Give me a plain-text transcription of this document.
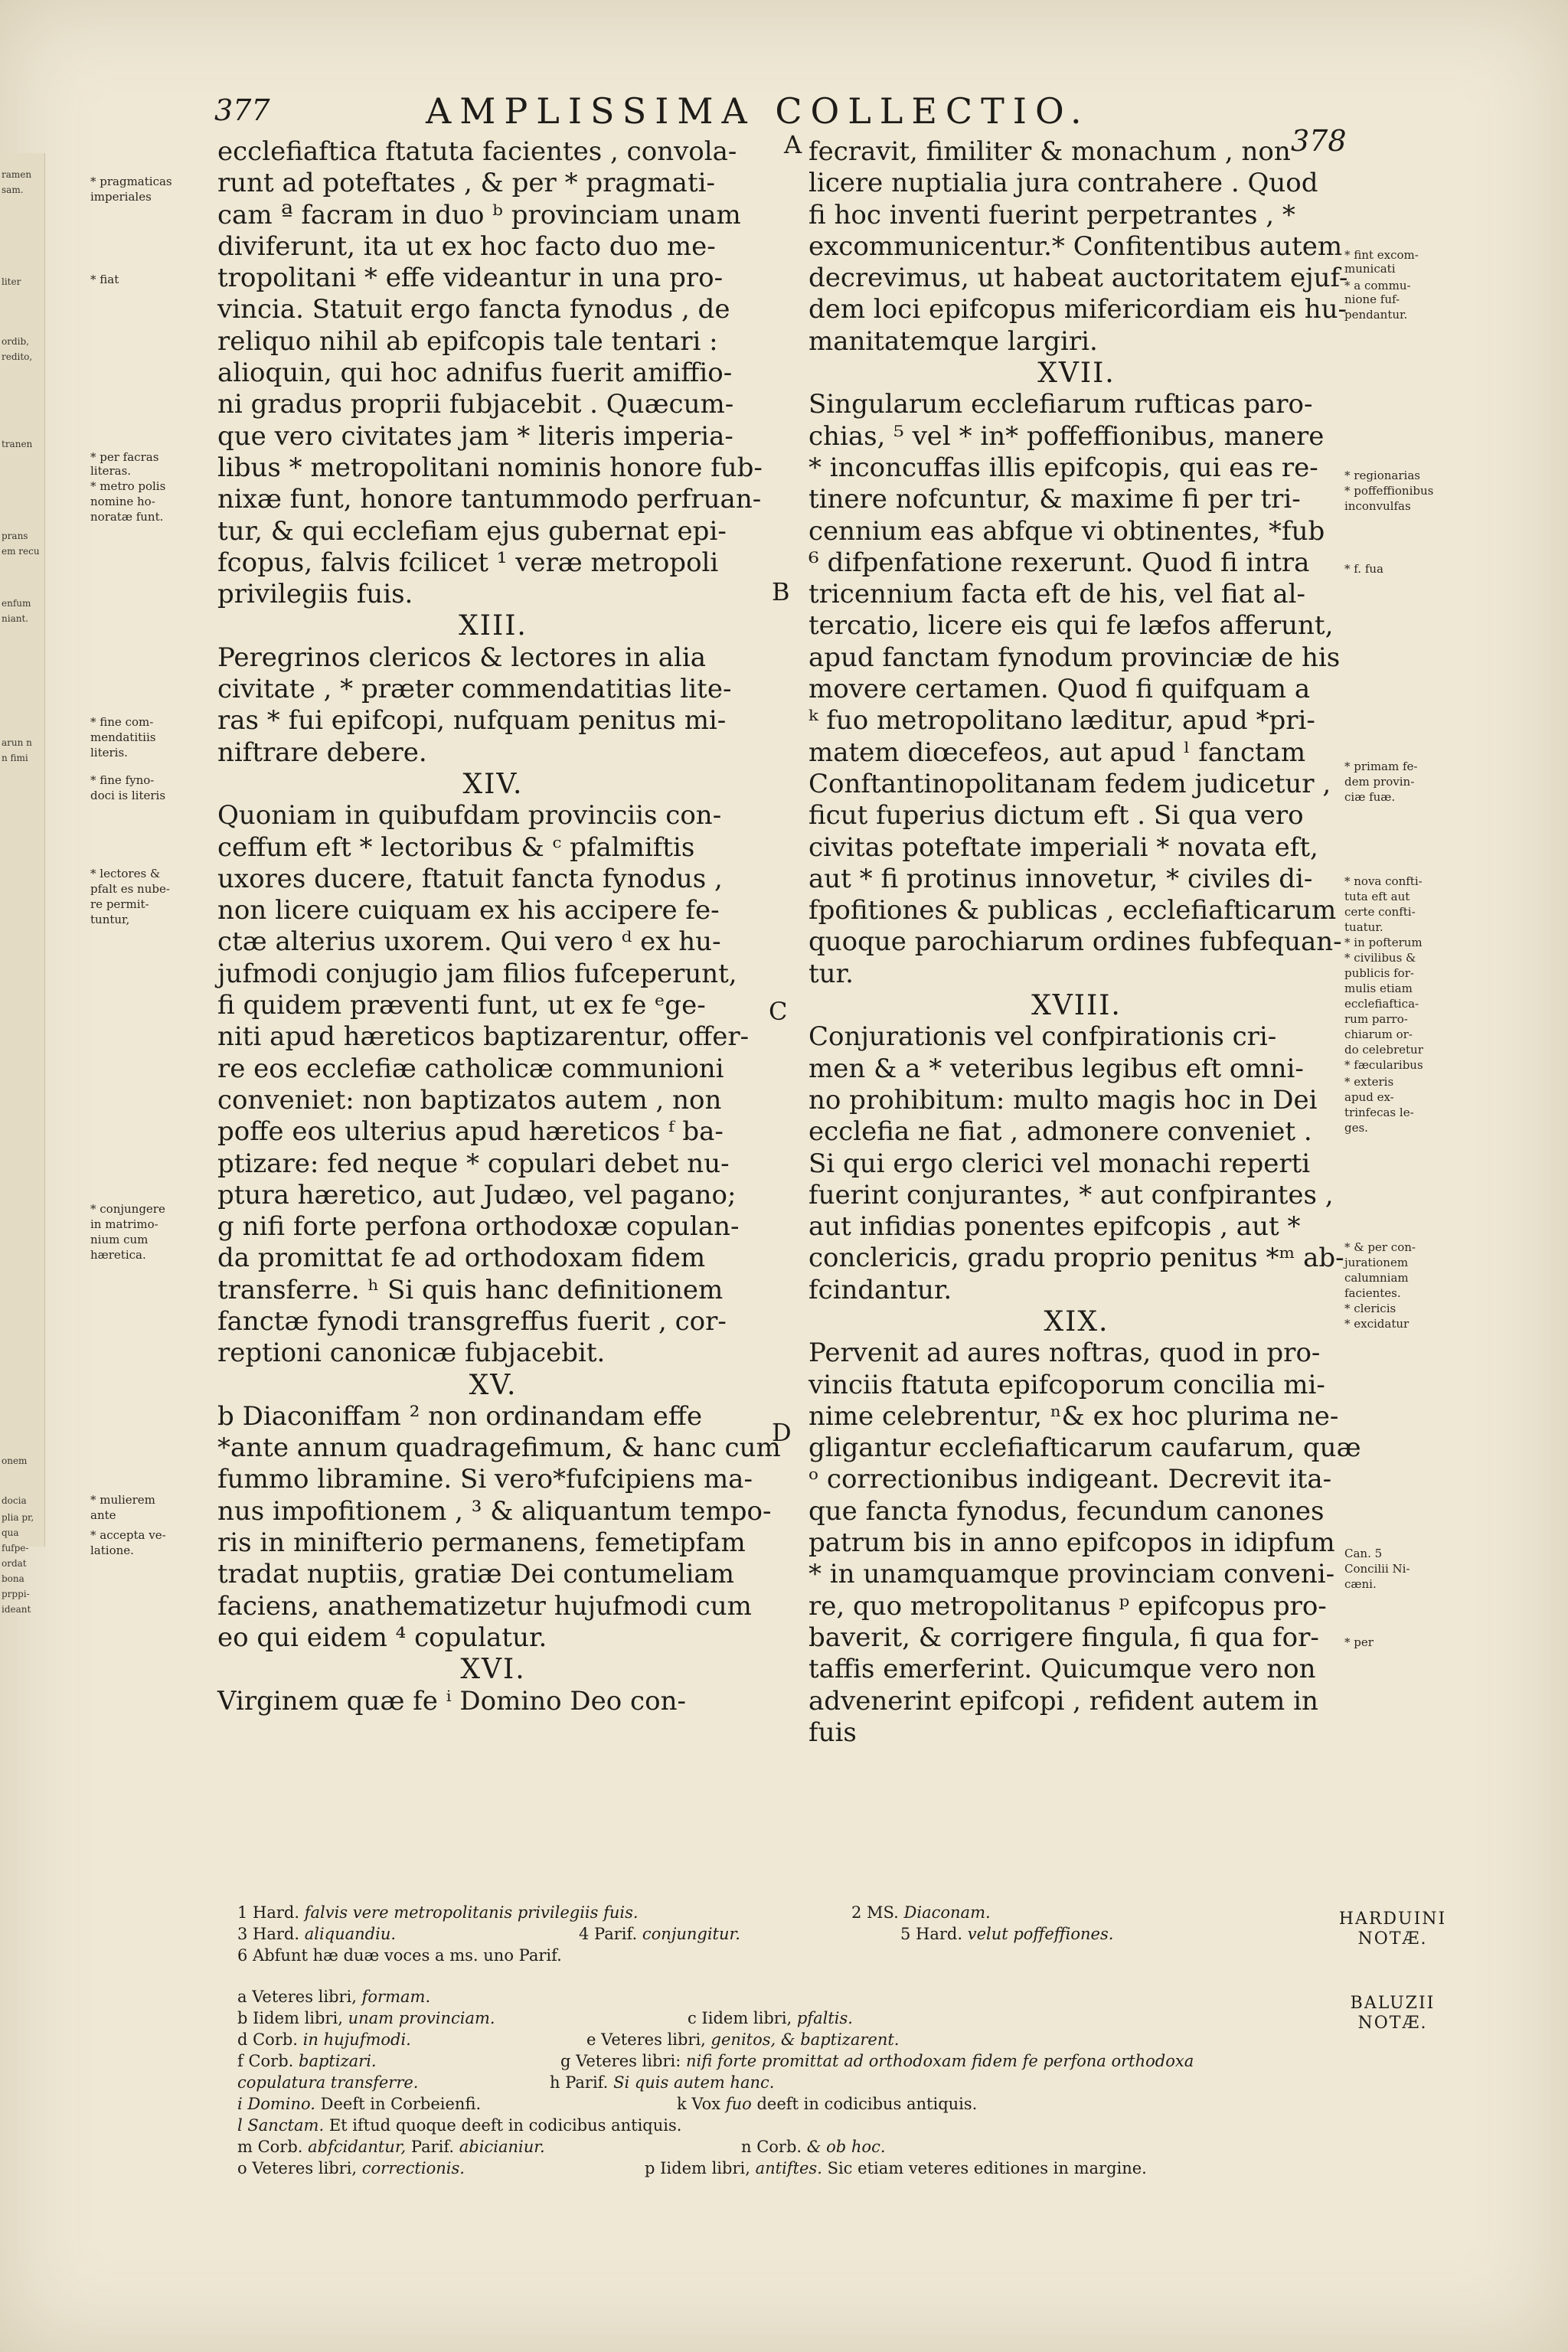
ramen
sam.
liter
ordib,
redito,
tranen
prans
em recu
enfum
niant.
arun n
n fimi
onem
docia
plia pr,
qua
fufpe-
ordat
bona
prppi-
ideant
377	AMPLISSIMA COLLECTIO.
378
ecclefiaftica ftatuta facientes , convola-
runt ad poteftates , & per * pragmati-
cam ª facram in duo ᵇ provinciam unam
diviferunt, ita ut ex hoc facto duo me-
tropolitani * effe videantur in una pro-
vincia. Statuit ergo fancta fynodus , de
reliquo nihil ab epifcopis tale tentari :
alioquin, qui hoc adnifus fuerit amiffio-
ni gradus proprii fubjacebit . Quæcum-
que vero civitates jam * literis imperia-
libus * metropolitani nominis honore fub-
nixæ funt, honore tantummodo perfruan-
tur, & qui ecclefiam ejus gubernat epi-
fcopus, falvis fcilicet ¹ veræ metropoli
privilegiis fuis.
XIII.
Peregrinos clericos & lectores in alia
civitate , * præter commendatitias lite-
ras * fui epifcopi, nufquam penitus mi-
niftrare debere.
XIV.
Quoniam in quibufdam provinciis con-
ceffum eft * lectoribus & ᶜ pfalmiftis
uxores ducere, ftatuit fancta fynodus ,
non licere cuiquam ex his accipere fe-
ctæ alterius uxorem. Qui vero ᵈ ex hu-
jufmodi conjugio jam filios fufceperunt,
fi quidem præventi funt, ut ex fe ᵉge-
niti apud hæreticos baptizarentur, offer-
re eos ecclefiæ catholicæ communioni
conveniet: non baptizatos autem , non
poffe eos ulterius apud hæreticos ᶠ ba-
ptizare: fed neque * copulari debet nu-
ptura hæretico, aut Judæo, vel pagano;
g nifi forte perfona orthodoxæ copulan-
da promittat fe ad orthodoxam fidem
transferre. ʰ Si quis hanc definitionem
fanctæ fynodi transgreffus fuerit , cor-
reptioni canonicæ fubjacebit.
XV.
b Diaconiffam ² non ordinandam effe
*ante annum quadragefimum, & hanc cum
fummo libramine. Si vero*fufcipiens ma-
nus impofitionem , ³ & aliquantum tempo-
ris in minifterio permanens, femetipfam
tradat nuptiis, gratiæ Dei contumeliam
faciens, anathematizetur hujufmodi cum
eo qui eidem ⁴ copulatur.
XVI.
Virginem quæ fe ⁱ Domino Deo con-
fecravit, fimiliter & monachum , non
licere nuptialia jura contrahere . Quod
fi hoc inventi fuerint perpetrantes , *
excommunicentur.* Confitentibus autem
decrevimus, ut habeat auctoritatem ejuf-
dem loci epifcopus mifericordiam eis hu-
manitatemque largiri.
XVII.
Singularum ecclefiarum rufticas paro-
chias, ⁵ vel * in* poffeffionibus, manere
* inconcuffas illis epifcopis, qui eas re-
tinere nofcuntur, & maxime fi per tri-
cennium eas abfque vi obtinentes, *fub
⁶ difpenfatione rexerunt. Quod fi intra
tricennium facta eft de his, vel fiat al-
tercatio, licere eis qui fe læfos afferunt,
apud fanctam fynodum provinciæ de his
movere certamen. Quod fi quifquam a
ᵏ fuo metropolitano læditur, apud *pri-
matem diœcefeos, aut apud ˡ fanctam
Conftantinopolitanam fedem judicetur ,
ficut fuperius dictum eft . Si qua vero
civitas poteftate imperiali * novata eft,
aut * fi protinus innovetur, * civiles di-
fpofitiones & publicas , ecclefiafticarum
quoque parochiarum ordines fubfequan-
tur.
XVIII.
Conjurationis vel confpirationis cri-
men & a * veteribus legibus eft omni-
no prohibitum: multo magis hoc in Dei
ecclefia ne fiat , admonere conveniet .
Si qui ergo clerici vel monachi reperti
fuerint conjurantes, * aut confpirantes ,
aut infidias ponentes epifcopis , aut *
conclericis, gradu proprio penitus *ᵐ ab-
fcindantur.
XIX.
Pervenit ad aures noftras, quod in pro-
vinciis ftatuta epifcoporum concilia mi-
nime celebrentur, ⁿ& ex hoc plurima ne-
gligantur ecclefiafticarum caufarum, quæ
ᵒ correctionibus indigeant. Decrevit ita-
que fancta fynodus, fecundum canones
patrum bis in anno epifcopos in idipfum
* in unamquamque provinciam conveni-
re, quo metropolitanus ᵖ epifcopus pro-
baverit, & corrigere fingula, fi qua for-
taffis emerferint. Quicumque vero non
advenerint epifcopi , refident autem in
fuis
* pragmaticas
imperiales
* fiat
* per facras
literas.
* metro polis
nomine ho-
noratæ funt.
* fine com-
mendatitiis
literis.
* fine fyno-
doci is literis
* lectores &
pfalt es nube-
re permit-
tuntur,
* conjungere
in matrimo-
nium cum
hæretica.
* mulierem
ante
* accepta ve-
latione.
* fint excom-
municati
* a commu-
nione fuf-
pendantur.
* regionarias
* poffeffionibus
inconvulfas
* f. fua
* primam fe-
dem provin-
ciæ fuæ.
* nova confti-
tuta eft aut
certe confti-
tuatur.
* in pofterum
* civilibus &
publicis for-
mulis etiam
ecclefiaftica-
rum parro-
chiarum or-
do celebretur
* fæcularibus
* exteris
apud ex-
trinfecas le-
ges.
* & per con-
jurationem
calumniam
facientes.
* clericis
* excidatur
Can. 5
Concilii Ni-
cæni.
* per
A
B
C
D
1 Hard. falvis vere metropolitanis privilegiis fuis.	2 MS. Diaconam.
3 Hard. aliquandiu.	4 Parif. conjungitur.	5 Hard. velut poffeffiones.
6 Abfunt hæ duæ voces a ms. uno Parif.
HARDUINI
NOTÆ.
a Veteres libri, formam.
b Iidem libri, unam provinciam.	c Iidem libri, pfaltis.
d Corb. in hujufmodi.	e Veteres libri, genitos, & baptizarent.
f Corb. baptizari.	g Veteres libri: nifi forte promittat ad orthodoxam fidem fe perfona orthodoxa
copulatura transferre.	h Parif. Si quis autem hanc.
i Domino. Deeft in Corbeienfi.	k Vox fuo deeft in codicibus antiquis.
l Sanctam. Et iftud quoque deeft in codicibus antiquis.
m Corb. abfcidantur, Parif. abicianiur.	n Corb. & ob hoc.
o Veteres libri, correctionis.	p Iidem libri, antiftes. Sic etiam veteres editiones in margine.
BALUZII
NOTÆ.
